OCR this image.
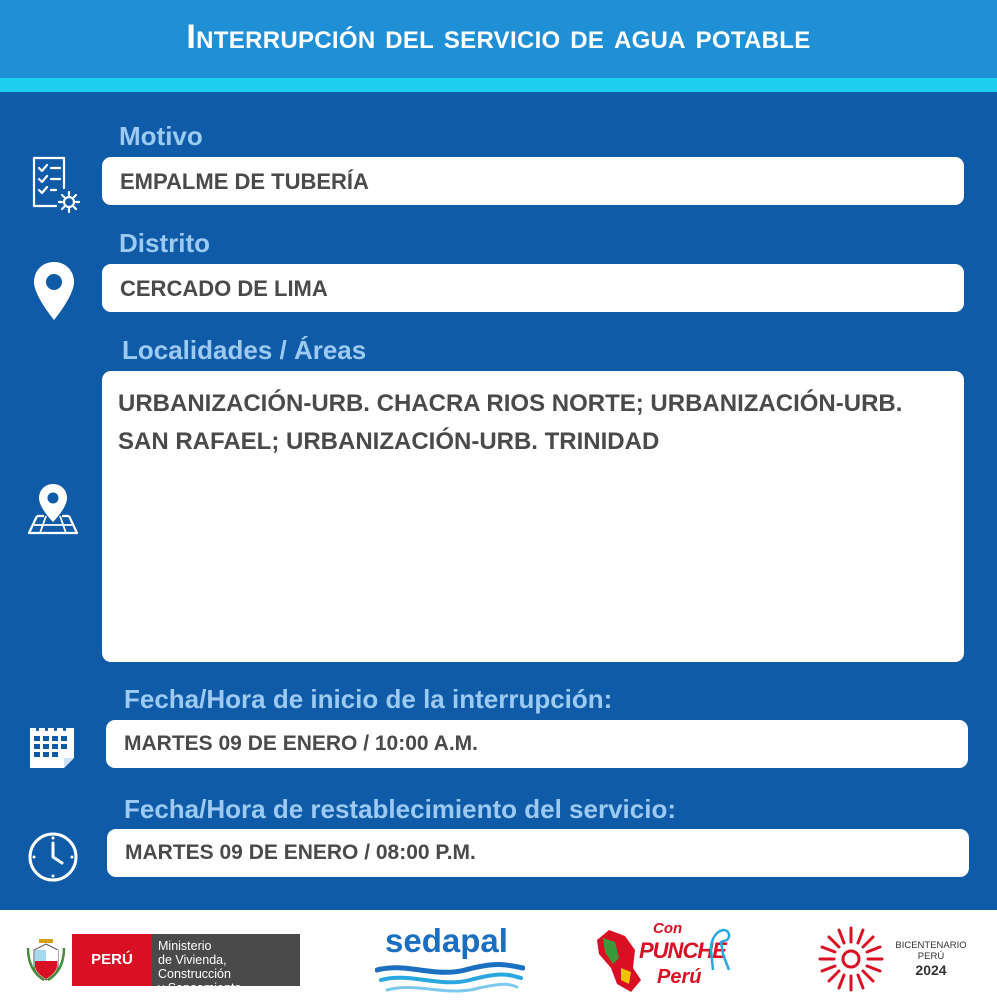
Interrupción del servicio de agua potable
Motivo
EMPALME DE TUBERÍA
Distrito
CERCADO DE LIMA
Localidades / Áreas
URBANIZACIÓN-URB. CHACRA RIOS NORTE; URBANIZACIÓN-URB. SAN RAFAEL; URBANIZACIÓN-URB. TRINIDAD
Fecha/Hora de inicio de la interrupción:
MARTES 09 DE ENERO / 10:00 A.M.
Fecha/Hora de restablecimiento del servicio:
MARTES 09 DE ENERO / 08:00 P.M.
PERÚ
Ministerio
de Vivienda, Construcción
y Saneamiento
sedapal	Con
PUNCHE
Perú
BICENTENARIO
PERÚ
2024
